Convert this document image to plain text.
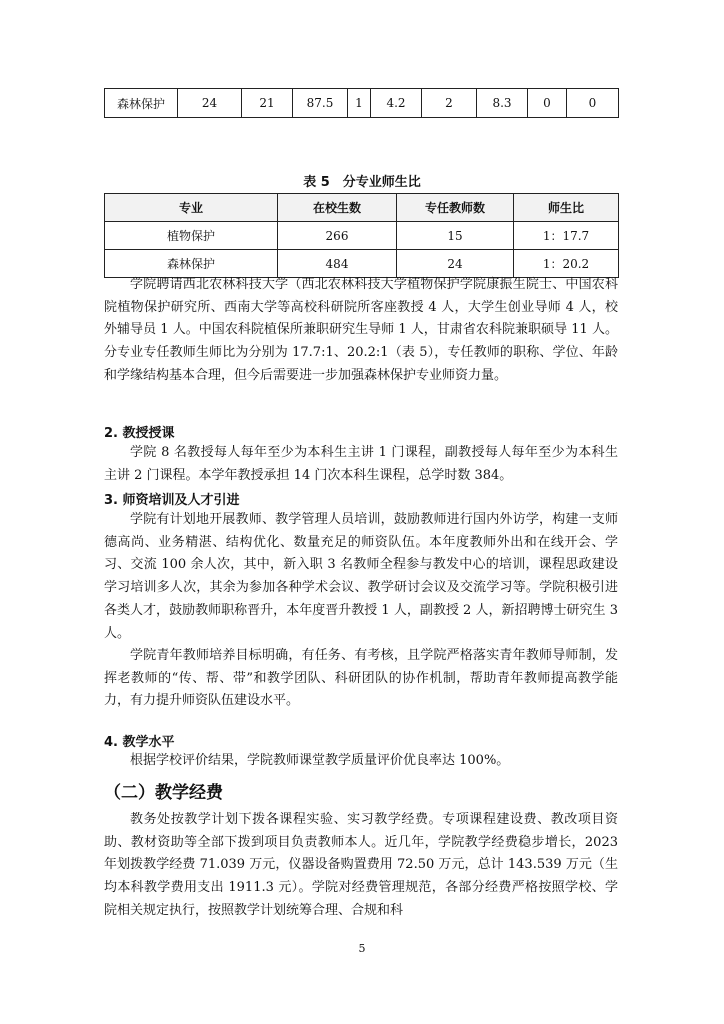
森林保护	24	21	87.5	1	4.2	2	8.3	0	0
表 5　分专业师生比
专业	在校生数	专任教师数	师生比
植物保护	266	15	1：17.7
森林保护	484	24	1：20.2

学院聘请西北农林科技大学（西北农林科技大学植物保护学院康振生院士、中国农科院植物保护研究所、西南大学等高校科研院所客座教授 4 人，大学生创业导师 4 人，校外辅导员 1 人。中国农科院植保所兼职研究生导师 1 人，甘肃省农科院兼职硕导 11 人。分专业专任教师生师比为分别为 17.7:1、20.2:1（表 5），专任教师的职称、学位、年龄和学缘结构基本合理，但今后需要进一步加强森林保护专业师资力量。

2. 教授授课

学院 8 名教授每人每年至少为本科生主讲 1 门课程，副教授每人每年至少为本科生主讲 2 门课程。本学年教授承担 14 门次本科生课程，总学时数 384。

3. 师资培训及人才引进

学院有计划地开展教师、教学管理人员培训，鼓励教师进行国内外访学，构建一支师德高尚、业务精湛、结构优化、数量充足的师资队伍。本年度教师外出和在线开会、学习、交流 100 余人次，其中，新入职 3 名教师全程参与教发中心的培训，课程思政建设学习培训多人次，其余为参加各种学术会议、教学研讨会议及交流学习等。学院积极引进各类人才，鼓励教师职称晋升，本年度晋升教授 1 人，副教授 2 人，新招聘博士研究生 3 人。

学院青年教师培养目标明确，有任务、有考核，且学院严格落实青年教师导师制，发挥老教师的“传、帮、带”和教学团队、科研团队的协作机制，帮助青年教师提高教学能力，有力提升师资队伍建设水平。

4. 教学水平

根据学校评价结果，学院教师课堂教学质量评价优良率达 100%。

（二）教学经费

教务处按教学计划下拨各课程实验、实习教学经费。专项课程建设费、教改项目资助、教材资助等全部下拨到项目负责教师本人。近几年，学院教学经费稳步增长，2023 年划拨教学经费 71.039 万元，仪器设备购置费用 72.50 万元，总计 143.539 万元（生均本科教学费用支出 1911.3 元）。学院对经费管理规范，各部分经费严格按照学校、学院相关规定执行，按照教学计划统筹合理、合规和科

5
